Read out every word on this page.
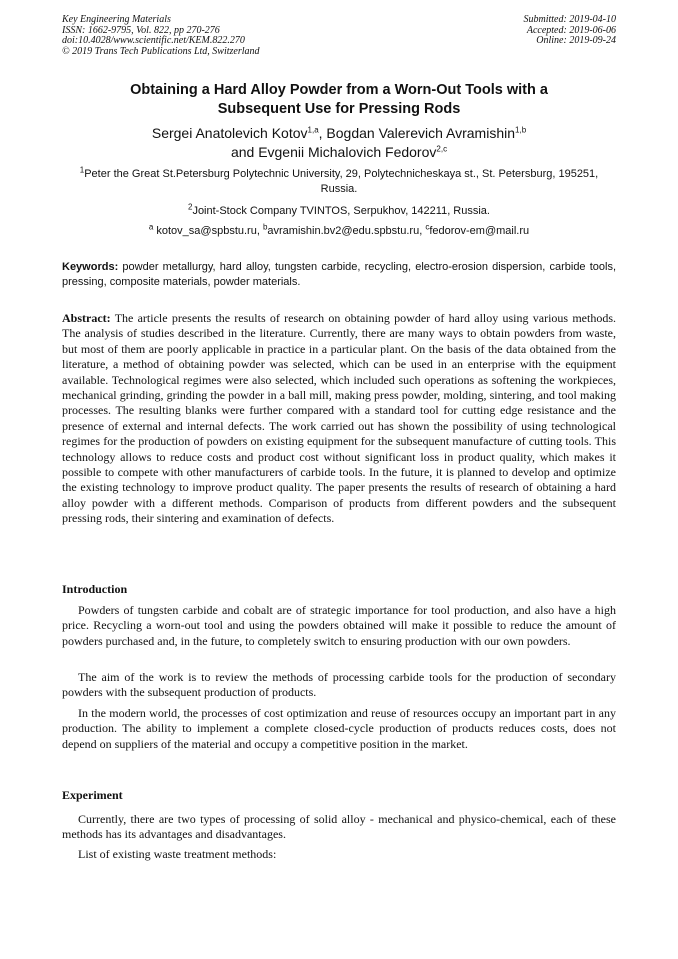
Key Engineering Materials
ISSN: 1662-9795, Vol. 822, pp 270-276
doi:10.4028/www.scientific.net/KEM.822.270
© 2019 Trans Tech Publications Ltd, Switzerland
Submitted: 2019-04-10
Accepted: 2019-06-06
Online: 2019-09-24
Obtaining a Hard Alloy Powder from a Worn-Out Tools with a
Subsequent Use for Pressing Rods
Sergei Anatolevich Kotov$^{1,a}$, Bogdan Valerevich Avramishin$^{1,b}$
and Evgenii Michalovich Fedorov$^{2,c}$
$^1$Peter the Great St.Petersburg Polytechnic University, 29, Polytechnicheskaya st., St. Petersburg, 195251, Russia.
$^2$Joint-Stock Company TVINTOS, Serpukhov, 142211, Russia.
$^a$ kotov_sa@spbstu.ru, $^b$avramishin.bv2@edu.spbstu.ru, $^c$fedorov-em@mail.ru
Keywords: powder metallurgy, hard alloy, tungsten carbide, recycling, electro-erosion dispersion, carbide tools, pressing, composite materials, powder materials.
Abstract: The article presents the results of research on obtaining powder of hard alloy using various methods. The analysis of studies described in the literature. Currently, there are many ways to obtain powders from waste, but most of them are poorly applicable in practice in a particular plant. On the basis of the data obtained from the literature, a method of obtaining powder was selected, which can be used in an enterprise with the equipment available. Technological regimes were also selected, which included such operations as softening the workpieces, mechanical grinding, grinding the powder in a ball mill, making press powder, molding, sintering, and tool making processes. The resulting blanks were further compared with a standard tool for cutting edge resistance and the presence of external and internal defects. The work carried out has shown the possibility of using technological regimes for the production of powders on existing equipment for the subsequent manufacture of cutting tools. This technology allows to reduce costs and product cost without significant loss in product quality, which makes it possible to compete with other manufacturers of carbide tools. In the future, it is planned to develop and optimize the existing technology to improve product quality. The paper presents the results of research of obtaining a hard alloy powder with a different methods. Comparison of products from different powders and the subsequent pressing rods, their sintering and examination of defects.
Introduction
Powders of tungsten carbide and cobalt are of strategic importance for tool production, and also have a high price. Recycling a worn-out tool and using the powders obtained will make it possible to reduce the amount of powders purchased and, in the future, to completely switch to ensuring production with our own powders.
The aim of the work is to review the methods of processing carbide tools for the production of secondary powders with the subsequent production of products.
In the modern world, the processes of cost optimization and reuse of resources occupy an important part in any production. The ability to implement a complete closed-cycle production of products reduces costs, does not depend on suppliers of the material and occupy a competitive position in the market.
Experiment
Currently, there are two types of processing of solid alloy - mechanical and physico-chemical, each of these methods has its advantages and disadvantages.
List of existing waste treatment methods:
